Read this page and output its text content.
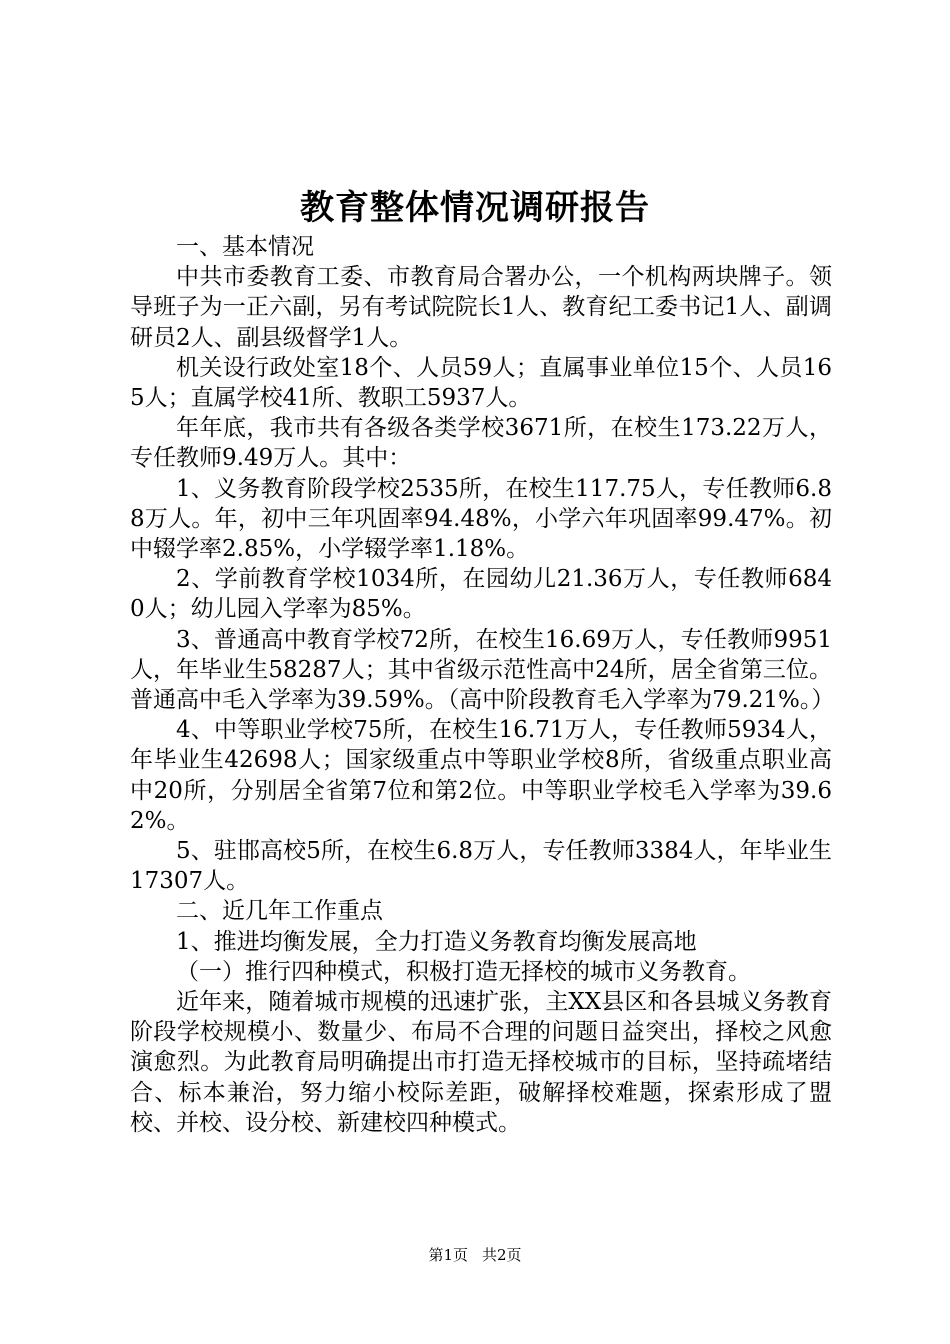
教育整体情况调研报告

一、基本情况

中共市委教育工委、市教育局合署办公，一个机构两块牌子。领导班子为一正六副，另有考试院院长1人、教育纪工委书记1人、副调研员2人、副县级督学1人。

机关设行政处室18个、人员59人；直属事业单位15个、人员165人；直属学校41所、教职工5937人。

年年底，我市共有各级各类学校3671所，在校生173.22万人，专任教师9.49万人。其中：

1、义务教育阶段学校2535所，在校生117.75人，专任教师6.88万人。年，初中三年巩固率94.48%，小学六年巩固率99.47%。初中辍学率2.85%，小学辍学率1.18%。

2、学前教育学校1034所，在园幼儿21.36万人，专任教师6840人；幼儿园入学率为85%。

3、普通高中教育学校72所，在校生16.69万人，专任教师9951人，年毕业生58287人；其中省级示范性高中24所，居全省第三位。普通高中毛入学率为39.59%。（高中阶段教育毛入学率为79.21%。）

4、中等职业学校75所，在校生16.71万人，专任教师5934人，年毕业生42698人；国家级重点中等职业学校8所，省级重点职业高中20所，分别居全省第7位和第2位。中等职业学校毛入学率为39.62%。

5、驻邯高校5所，在校生6.8万人，专任教师3384人，年毕业生17307人。

二、近几年工作重点

1、推进均衡发展，全力打造义务教育均衡发展高地

（一）推行四种模式，积极打造无择校的城市义务教育。

近年来，随着城市规模的迅速扩张，主XX县区和各县城义务教育阶段学校规模小、数量少、布局不合理的问题日益突出，择校之风愈演愈烈。为此教育局明确提出市打造无择校城市的目标，坚持疏堵结合、标本兼治，努力缩小校际差距，破解择校难题，探索形成了盟校、并校、设分校、新建校四种模式。

第1页 共2页
